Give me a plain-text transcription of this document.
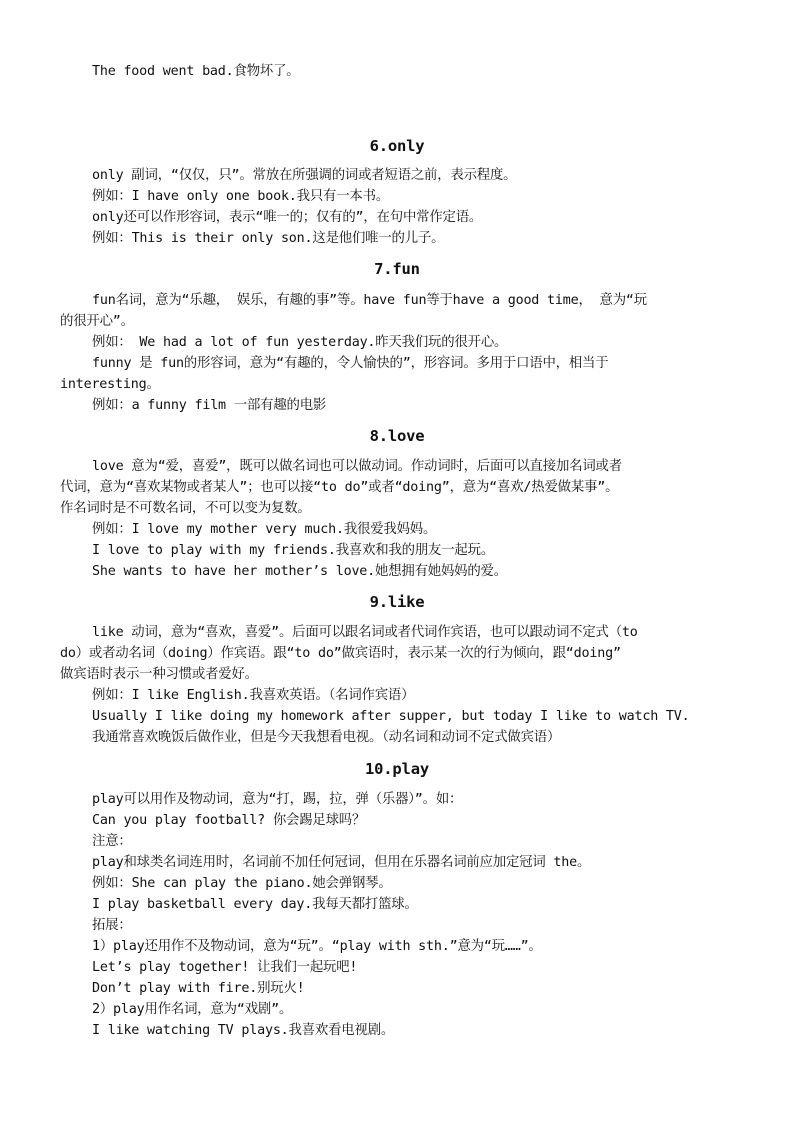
The food went bad.食物坏了。
6.only
only 副词，“仅仅，只”。常放在所强调的词或者短语之前，表示程度。
例如：I have only one book.我只有一本书。
only还可以作形容词，表示“唯一的；仅有的”，在句中常作定语。
例如：This is their only son.这是他们唯一的儿子。
7.fun
fun名词，意为“乐趣， 娱乐，有趣的事”等。have fun等于have a good time， 意为“玩
的很开心”。
例如： We had a lot of fun yesterday.昨天我们玩的很开心。
funny 是 fun的形容词，意为“有趣的，令人愉快的”，形容词。多用于口语中，相当于
interesting。
例如：a funny film 一部有趣的电影
8.love
love 意为“爱，喜爱”，既可以做名词也可以做动词。作动词时，后面可以直接加名词或者
代词，意为“喜欢某物或者某人”；也可以接“to do”或者“doing”，意为“喜欢/热爱做某事”。
作名词时是不可数名词，不可以变为复数。
例如：I love my mother very much.我很爱我妈妈。
I love to play with my friends.我喜欢和我的朋友一起玩。
She wants to have her mother’s love.她想拥有她妈妈的爱。
9.like
like 动词，意为“喜欢，喜爱”。后面可以跟名词或者代词作宾语，也可以跟动词不定式（to
do）或者动名词（doing）作宾语。跟“to do”做宾语时，表示某一次的行为倾向，跟“doing”
做宾语时表示一种习惯或者爱好。
例如：I like English.我喜欢英语。（名词作宾语）
Usually I like doing my homework after supper, but today I like to watch TV.
我通常喜欢晚饭后做作业，但是今天我想看电视。（动名词和动词不定式做宾语）
10.play
play可以用作及物动词，意为“打，踢，拉，弹（乐器）”。如：
Can you play football? 你会踢足球吗？
注意：
play和球类名词连用时，名词前不加任何冠词，但用在乐器名词前应加定冠词 the。
例如：She can play the piano.她会弹钢琴。
I play basketball every day.我每天都打篮球。
拓展：
1）play还用作不及物动词，意为“玩”。“play with sth.”意为“玩……”。
Let’s play together! 让我们一起玩吧!
Don’t play with fire.别玩火!
2）play用作名词，意为“戏剧”。
I like watching TV plays.我喜欢看电视剧。
